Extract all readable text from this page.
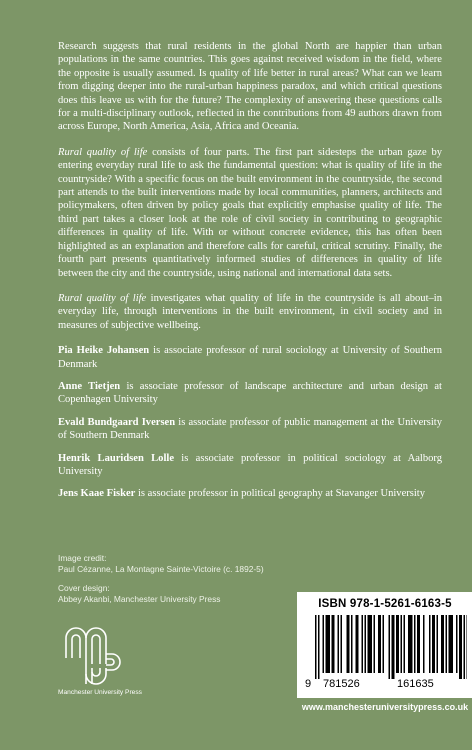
Research suggests that rural residents in the global North are happier than urban populations in the same countries. This goes against received wisdom in the field, where the opposite is usually assumed. Is quality of life better in rural areas? What can we learn from digging deeper into the rural-urban happiness paradox, and which critical questions does this leave us with for the future? The complexity of answering these questions calls for a multi-disciplinary outlook, reflected in the contributions from 49 authors drawn from across Europe, North America, Asia, Africa and Oceania.

Rural quality of life consists of four parts. The first part sidesteps the urban gaze by entering everyday rural life to ask the fundamental question: what is quality of life in the countryside? With a specific focus on the built environment in the countryside, the second part attends to the built interventions made by local communities, planners, architects and policymakers, often driven by policy goals that explicitly emphasise quality of life. The third part takes a closer look at the role of civil society in contributing to geographic differences in quality of life. With or without concrete evidence, this has often been highlighted as an explanation and therefore calls for careful, critical scrutiny. Finally, the fourth part presents quantitatively informed studies of differences in quality of life between the city and the countryside, using national and international data sets.

Rural quality of life investigates what quality of life in the countryside is all about–in everyday life, through interventions in the built environment, in civil society and in measures of subjective wellbeing.

Pia Heike Johansen is associate professor of rural sociology at University of Southern Denmark

Anne Tietjen is associate professor of landscape architecture and urban design at Copenhagen University

Evald Bundgaard Iversen is associate professor of public management at the University of Southern Denmark

Henrik Lauridsen Lolle is associate professor in political sociology at Aalborg University

Jens Kaae Fisker is associate professor in political geography at Stavanger University

Image credit:
Paul Cézanne, La Montagne Sainte-Victoire (c. 1892-5)
Cover design:
Abbey Akanbi, Manchester University Press
Manchester University Press
ISBN 978-1-5261-6163-5
9 781526	161635
www.manchesteruniversitypress.co.uk
